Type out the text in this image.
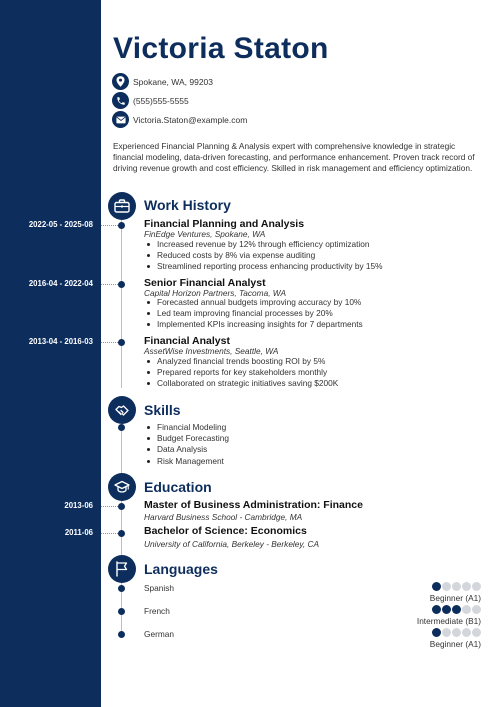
Victoria Staton
Spokane, WA, 99203
(555)555-5555
Victoria.Staton@example.com
Experienced Financial Planning & Analysis expert with comprehensive knowledge in strategic financial modeling, data-driven forecasting, and performance enhancement. Proven track record of driving revenue growth and cost efficiency. Skilled in risk management and efficiency optimization.
Work History
2022-05 - 2025-08	Financial Planning and Analysis
FinEdge Ventures, Spokane, WA
Increased revenue by 12% through efficiency optimization
Reduced costs by 8% via expense auditing
Streamlined reporting process enhancing productivity by 15%
2016-04 - 2022-04	Senior Financial Analyst
Capital Horizon Partners, Tacoma, WA
Forecasted annual budgets improving accuracy by 10%
Led team improving financial processes by 20%
Implemented KPIs increasing insights for 7 departments
2013-04 - 2016-03	Financial Analyst
AssetWise Investments, Seattle, WA
Analyzed financial trends boosting ROI by 5%
Prepared reports for key stakeholders monthly
Collaborated on strategic initiatives saving $200K
Skills
Financial Modeling
Budget Forecasting
Data Analysis
Risk Management
Education
2013-06	Master of Business Administration: Finance
Harvard Business School - Cambridge, MA
2011-06	Bachelor of Science: Economics
University of California, Berkeley - Berkeley, CA
Languages
Spanish
Beginner (A1)
French
Intermediate (B1)
German
Beginner (A1)
